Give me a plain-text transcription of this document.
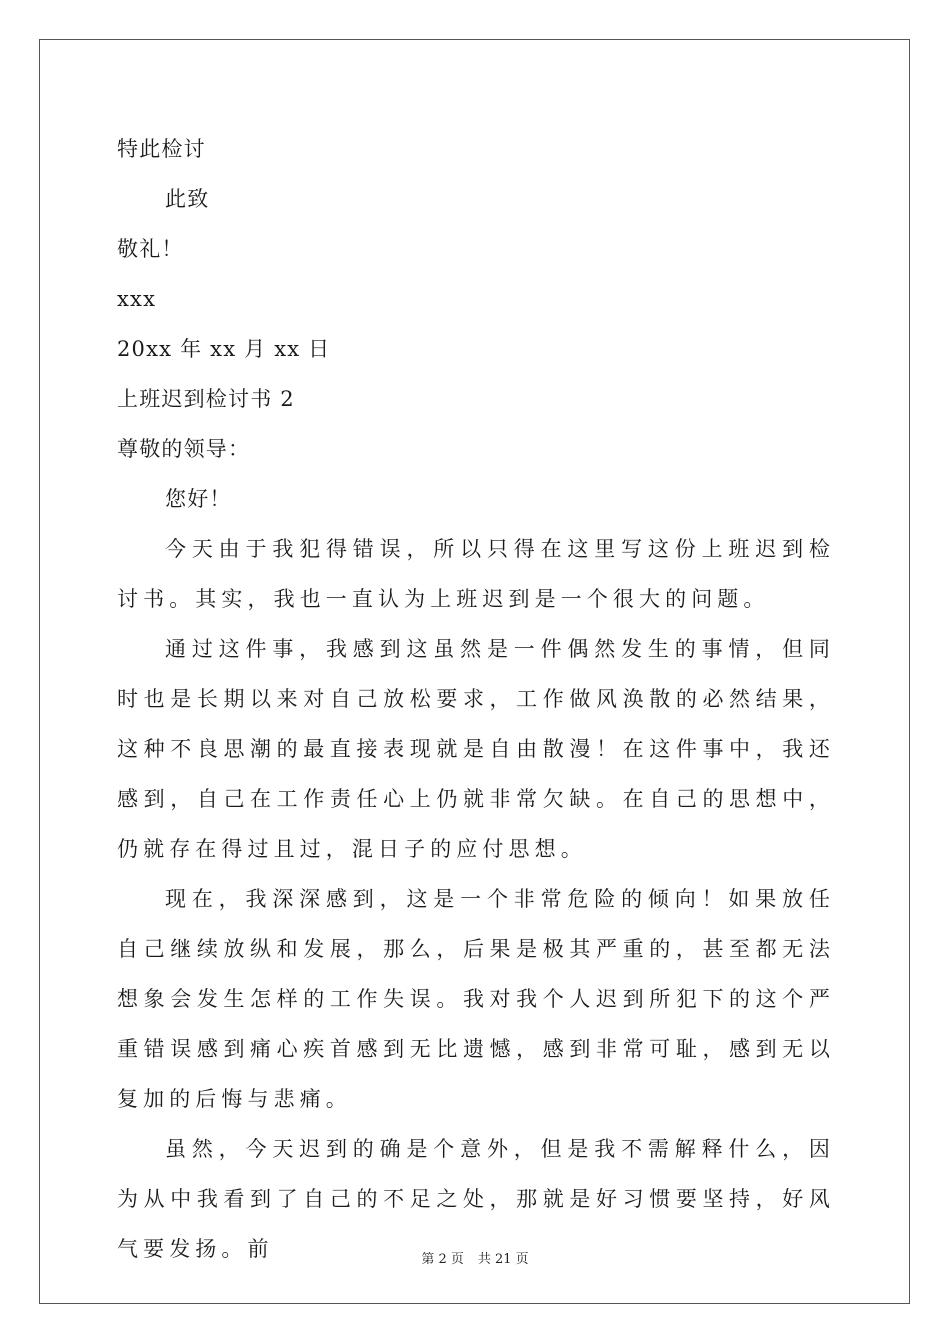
特此检讨
此致
敬礼！
xxx
20xx 年 xx 月 xx 日
上班迟到检讨书 2
尊敬的领导：
您好！

今天由于我犯得错误，所以只得在这里写这份上班迟到检讨书。其实，我也一直认为上班迟到是一个很大的问题。

通过这件事，我感到这虽然是一件偶然发生的事情，但同时也是长期以来对自己放松要求，工作做风涣散的必然结果，这种不良思潮的最直接表现就是自由散漫！在这件事中，我还感到，自己在工作责任心上仍就非常欠缺。在自己的思想中，仍就存在得过且过，混日子的应付思想。

现在，我深深感到，这是一个非常危险的倾向！如果放任自己继续放纵和发展，那么，后果是极其严重的，甚至都无法想象会发生怎样的工作失误。我对我个人迟到所犯下的这个严重错误感到痛心疾首感到无比遗憾，感到非常可耻，感到无以复加的后悔与悲痛。

虽然，今天迟到的确是个意外，但是我不需解释什么，因为从中我看到了自己的不足之处，那就是好习惯要坚持，好风气要发扬。前	第 2 页 共 21 页
